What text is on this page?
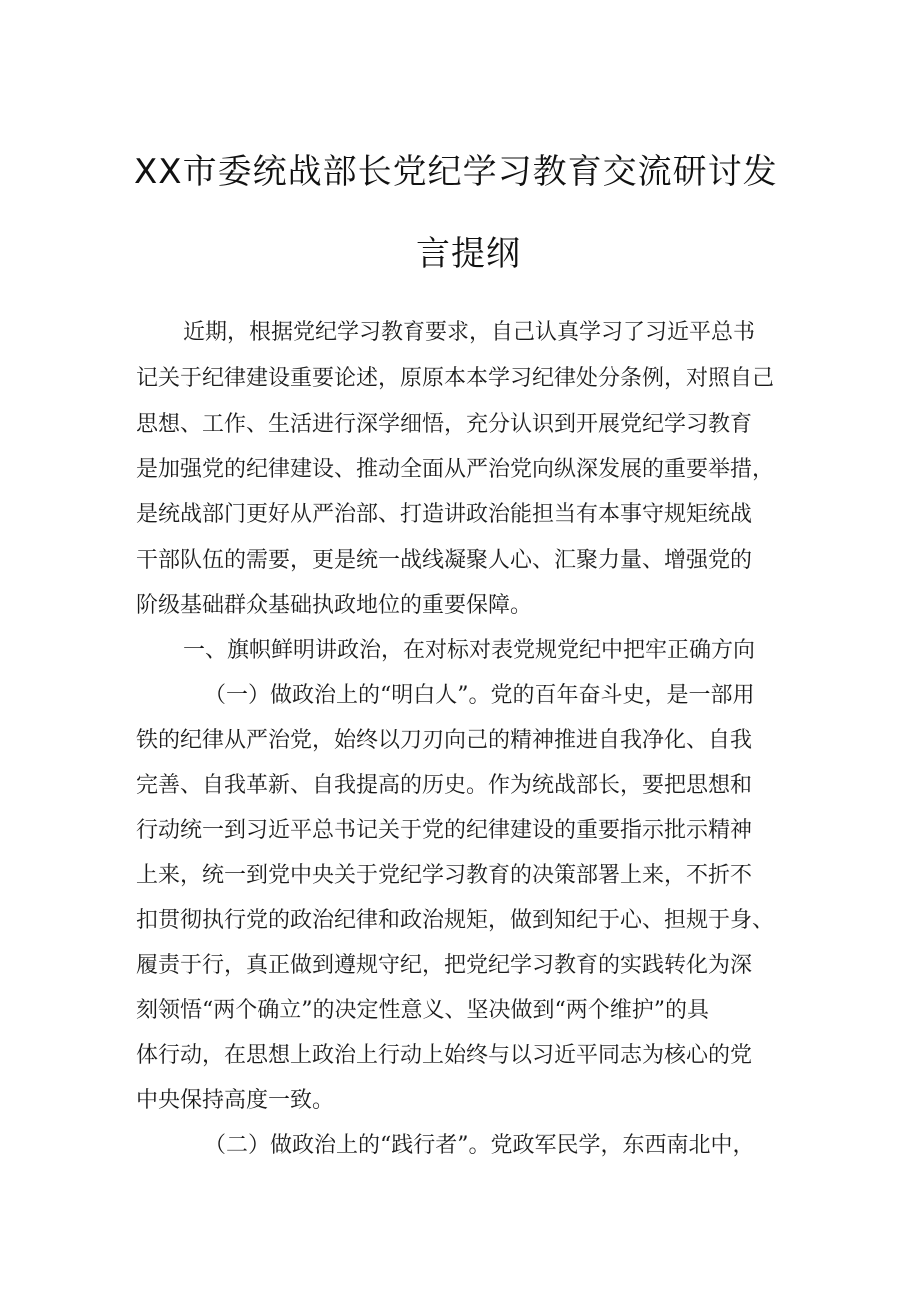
XX市委统战部长党纪学习教育交流研讨发
言提纲
近期，根据党纪学习教育要求，自己认真学习了习近平总书
记关于纪律建设重要论述，原原本本学习纪律处分条例，对照自己
思想、工作、生活进行深学细悟，充分认识到开展党纪学习教育
是加强党的纪律建设、推动全面从严治党向纵深发展的重要举措，
是统战部门更好从严治部、打造讲政治能担当有本事守规矩统战
干部队伍的需要，更是统一战线凝聚人心、汇聚力量、增强党的
阶级基础群众基础执政地位的重要保障。
一、旗帜鲜明讲政治，在对标对表党规党纪中把牢正确方向
（一）做政治上的“明白人”。党的百年奋斗史，是一部用
铁的纪律从严治党，始终以刀刃向己的精神推进自我净化、自我
完善、自我革新、自我提高的历史。作为统战部长，要把思想和
行动统一到习近平总书记关于党的纪律建设的重要指示批示精神
上来，统一到党中央关于党纪学习教育的决策部署上来，不折不
扣贯彻执行党的政治纪律和政治规矩，做到知纪于心、担规于身、
履责于行，真正做到遵规守纪，把党纪学习教育的实践转化为深
刻领悟“两个确立”的决定性意义、坚决做到“两个维护”的具
体行动，在思想上政治上行动上始终与以习近平同志为核心的党
中央保持高度一致。
（二）做政治上的“践行者”。党政军民学，东西南北中，
